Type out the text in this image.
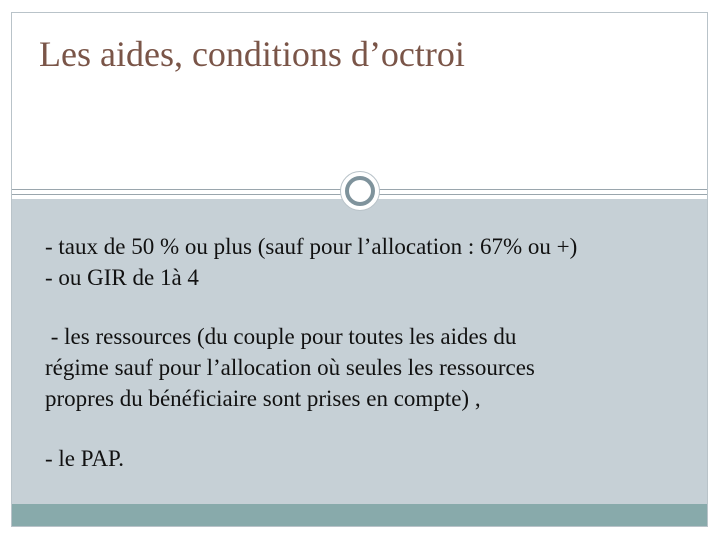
Les aides, conditions d’octroi

- taux de 50 % ou plus (sauf pour l’allocation : 67% ou +)

- ou GIR de 1à 4

- les ressources (du couple pour toutes les aides du

régime sauf pour l’allocation où seules les ressources

propres du bénéficiaire sont prises en compte) ,

- le PAP.
